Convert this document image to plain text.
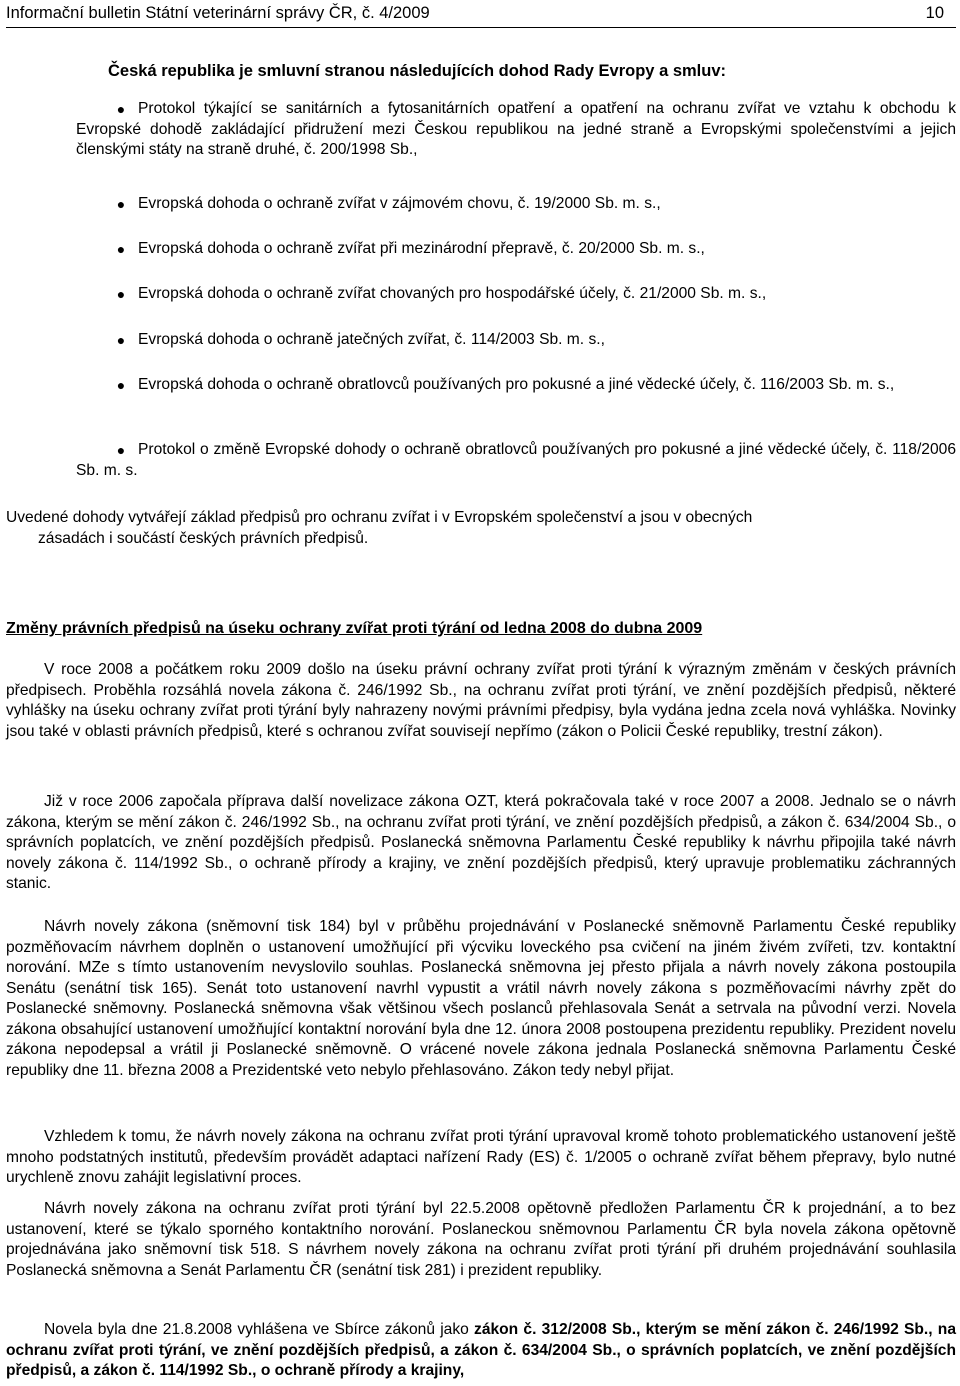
Informační bulletin Státní veterinární správy ČR, č. 4/2009	10

Česká republika je smluvní stranou následujících dohod Rady Evropy a smluv:

● Protokol týkající se sanitárních a fytosanitárních opatření a opatření na ochranu zvířat ve vztahu k obchodu k Evropské dohodě zakládající přidružení mezi Českou republikou na jedné straně a Evropskými společenstvími a jejich členskými státy na straně druhé, č. 200/1998 Sb.,

● Evropská dohoda o ochraně zvířat v zájmovém chovu, č. 19/2000 Sb. m. s.,

● Evropská dohoda o ochraně zvířat při mezinárodní přepravě, č. 20/2000 Sb. m. s.,

● Evropská dohoda o ochraně zvířat chovaných pro hospodářské účely, č. 21/2000 Sb. m. s.,

● Evropská dohoda o ochraně jatečných zvířat, č. 114/2003 Sb. m. s.,

● Evropská dohoda o ochraně obratlovců používaných pro pokusné a jiné vědecké účely, č. 116/2003 Sb. m. s.,

● Protokol o změně Evropské dohody o ochraně obratlovců používaných pro pokusné a jiné vědecké účely, č. 118/2006 Sb. m. s.

Uvedené dohody vytvářejí základ předpisů pro ochranu zvířat i v Evropském společenství a jsou v obecných
zásadách i součástí českých právních předpisů.
Změny právních předpisů na úseku ochrany zvířat proti týrání od ledna 2008 do dubna 2009

V roce 2008 a počátkem roku 2009 došlo na úseku právní ochrany zvířat proti týrání k výrazným změnám v českých právních předpisech. Proběhla rozsáhlá novela zákona č. 246/1992 Sb., na ochranu zvířat proti týrání, ve znění pozdějších předpisů, některé vyhlášky na úseku ochrany zvířat proti týrání byly nahrazeny novými právními předpisy, byla vydána jedna zcela nová vyhláška. Novinky jsou také v oblasti právních předpisů, které s ochranou zvířat souvisejí nepřímo (zákon o Policii České republiky, trestní zákon).

Již v roce 2006 započala příprava další novelizace zákona OZT, která pokračovala také v roce 2007 a 2008. Jednalo se o návrh zákona, kterým se mění zákon č. 246/1992 Sb., na ochranu zvířat proti týrání, ve znění pozdějších předpisů, a zákon č. 634/2004 Sb., o správních poplatcích, ve znění pozdějších předpisů. Poslanecká sněmovna Parlamentu České republiky k návrhu připojila také návrh novely zákona č. 114/1992 Sb., o ochraně přírody a krajiny, ve znění pozdějších předpisů, který upravuje problematiku záchranných stanic.

Návrh novely zákona (sněmovní tisk 184) byl v průběhu projednávání v Poslanecké sněmovně Parlamentu České republiky pozměňovacím návrhem doplněn o ustanovení umožňující při výcviku loveckého psa cvičení na jiném živém zvířeti, tzv. kontaktní norování. MZe s tímto ustanovením nevyslovilo souhlas. Poslanecká sněmovna jej přesto přijala a návrh novely zákona postoupila Senátu (senátní tisk 165). Senát toto ustanovení navrhl vypustit a vrátil návrh novely zákona s pozměňovacími návrhy zpět do Poslanecké sněmovny. Poslanecká sněmovna však většinou všech poslanců přehlasovala Senát a setrvala na původní verzi. Novela zákona obsahující ustanovení umožňující kontaktní norování byla dne 12. února 2008 postoupena prezidentu republiky. Prezident novelu zákona nepodepsal a vrátil ji Poslanecké sněmovně. O vrácené novele zákona jednala Poslanecká sněmovna Parlamentu České republiky dne 11. března 2008 a Prezidentské veto nebylo přehlasováno. Zákon tedy nebyl přijat.

Vzhledem k tomu, že návrh novely zákona na ochranu zvířat proti týrání upravoval kromě tohoto problematického ustanovení ještě mnoho podstatných institutů, především provádět adaptaci nařízení Rady (ES) č. 1/2005 o ochraně zvířat během přepravy, bylo nutné urychleně znovu zahájit legislativní proces.

Návrh novely zákona na ochranu zvířat proti týrání byl 22.5.2008 opětovně předložen Parlamentu ČR k projednání, a to bez ustanovení, které se týkalo sporného kontaktního norování. Poslaneckou sněmovnou Parlamentu ČR byla novela zákona opětovně projednávána jako sněmovní tisk 518. S návrhem novely zákona na ochranu zvířat proti týrání při druhém projednávání souhlasila Poslanecká sněmovna a Senát Parlamentu ČR (senátní tisk 281) i prezident republiky.

Novela byla dne 21.8.2008 vyhlášena ve Sbírce zákonů jako zákon č. 312/2008 Sb., kterým se mění zákon č. 246/1992 Sb., na ochranu zvířat proti týrání, ve znění pozdějších předpisů, a zákon č. 634/2004 Sb., o správních poplatcích, ve znění pozdějších předpisů, a zákon č. 114/1992 Sb., o ochraně přírody a krajiny,
